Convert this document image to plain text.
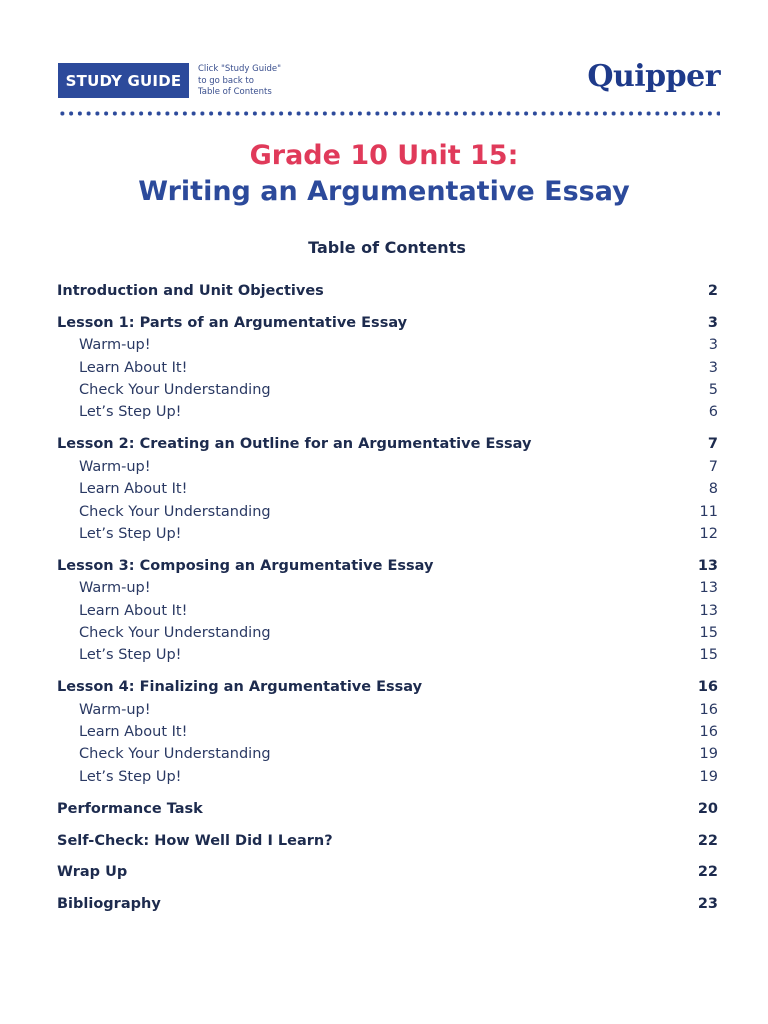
STUDY GUIDE
Click "Study Guide"
to go back to
Table of Contents	Quipper
Grade 10 Unit 15:
Writing an Argumentative Essay
Table of Contents
Introduction and Unit Objectives	2
Lesson 1: Parts of an Argumentative Essay	3
Warm-up!	3
Learn About It!	3
Check Your Understanding	5
Let’s Step Up!	6
Lesson 2: Creating an Outline for an Argumentative Essay	7
Warm-up!	7
Learn About It!	8
Check Your Understanding	11
Let’s Step Up!	12
Lesson 3: Composing an Argumentative Essay	13
Warm-up!	13
Learn About It!	13
Check Your Understanding	15
Let’s Step Up!	15
Lesson 4: Finalizing an Argumentative Essay	16
Warm-up!	16
Learn About It!	16
Check Your Understanding	19
Let’s Step Up!	19
Performance Task	20
Self-Check: How Well Did I Learn?	22
Wrap Up	22
Bibliography	23
